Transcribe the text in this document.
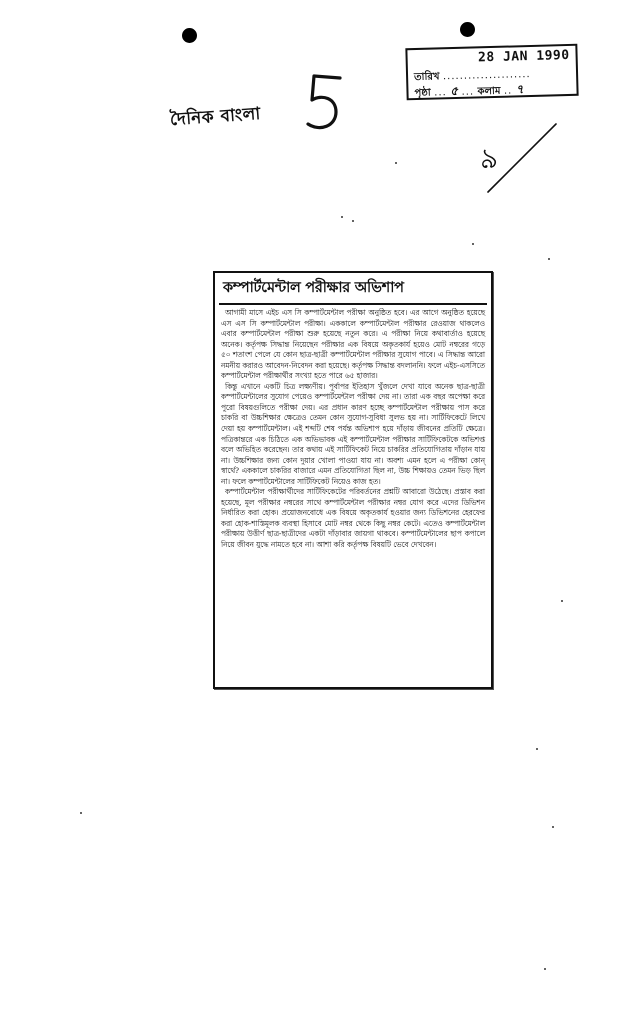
দৈনিক বাংলা
5
28 JAN 1990
তারিখ .....................
পৃষ্ঠা ... ৫ ... কলাম .. ৭
৯
কম্পার্টমেন্টাল পরীক্ষার অভিশাপ

আগামী মাসে এইচ এস সি কম্পার্টমেন্টাল পরীক্ষা অনুষ্ঠিত হবে। এর আগে অনুষ্ঠিত হয়েছে এস এস সি কম্পার্টমেন্টাল পরীক্ষা। এককালে কম্পার্টমেন্টাল পরীক্ষার রেওয়াজ থাকলেও এবার কম্পার্টমেন্টাল পরীক্ষা শুরু হয়েছে নতুন করে। এ পরীক্ষা নিয়ে কথাবার্তাও হয়েছে অনেক। কর্তৃপক্ষ সিদ্ধান্ত নিয়েছেন পরীক্ষার এক বিষয়ে অকৃতকার্য হয়েও মোট নম্বরের গড়ে ৫০ শতাংশ পেলে যে কোন ছাত্র-ছাত্রী কম্পার্টমেন্টাল পরীক্ষার সুযোগ পাবে। এ সিদ্ধান্ত আরো নমনীয় করারও আবেদন-নিবেদন করা হয়েছে। কর্তৃপক্ষ সিদ্ধান্ত বদলাননি। ফলে এইচ-এসসিতে কম্পার্টমেন্টাল পরীক্ষার্থীর সংখ্যা হতে পারে ৬৫ হাজার।

কিন্তু এখানে একটি চিত্র লক্ষ্যণীয়। পূর্বাপর ইতিহাস খুঁজলে দেখা যাবে অনেক ছাত্র-ছাত্রী কম্পার্টমেন্টালের সুযোগ পেয়েও কম্পার্টমেন্টাল পরীক্ষা দেয় না। তারা এক বছর অপেক্ষা করে পুরো বিষয়গুলিতে পরীক্ষা দেয়। এর প্রধান কারণ হচ্ছে কম্পার্টমেন্টাল পরীক্ষায় পাস করে চাকরি বা উচ্চশিক্ষার ক্ষেত্রেও তেমন কোন সুযোগ-সুবিধা সুলভ হয় না। সার্টিফিকেটে লিখে দেয়া হয় কম্পার্টমেন্টাল। এই শব্দটি শেষ পর্যন্ত অভিশাপ হয়ে দাঁড়ায় জীবনের প্রতিটি ক্ষেত্রে। পত্রিকান্তরে এক চিঠিতে এক অভিভাবক এই কম্পার্টমেন্টাল পরীক্ষার সার্টিফিকেটকে অভিশপ্ত বলে অভিহিত করেছেন। তার কথায় এই সার্টিফিকেট নিয়ে চাকরির প্রতিযোগিতায় দাঁড়ান যায় না। উচ্চশিক্ষার জন্য কোন দুয়ার খোলা পাওয়া যায় না। অবশ্য এমন হলে এ পরীক্ষা কোন্ স্বার্থে? এককালে চাকরির বাজারে এমন প্রতিযোগিতা ছিল না, উচ্চ শিক্ষায়ও তেমন ভিড় ছিল না। ফলে কম্পার্টমেন্টালের সার্টিফিকেট নিয়েও কাজ হত।

কম্পার্টমেন্টাল পরীক্ষার্থীদের সার্টিফিকেটের পরিবর্তনের প্রশ্নটি আবারো উঠেছে। প্রস্তাব করা হয়েছে, মূল পরীক্ষার নম্বরের সাথে কম্পার্টমেন্টাল পরীক্ষার নম্বর যোগ করে এদের ডিভিশন নির্ধারিত করা হোক। প্রয়োজনবোধে এক বিষয়ে অকৃতকার্য হওয়ার জন্য ডিভিশনের হেরফের করা হোক-শাস্তিমূলক ব্যবস্থা হিসাবে মোট নম্বর থেকে কিছু নম্বর কেটে। এতেও কম্পার্টমেন্টাল পরীক্ষায় উত্তীর্ণ ছাত্র-ছাত্রীদের একটা দাঁড়াবার জায়গা থাকবে। কম্পার্টমেন্টালের ছাপ কপালে নিয়ে জীবন যুদ্ধে নামতে হবে না। আশা করি কর্তৃপক্ষ বিষয়টি ভেবে দেখবেন।
